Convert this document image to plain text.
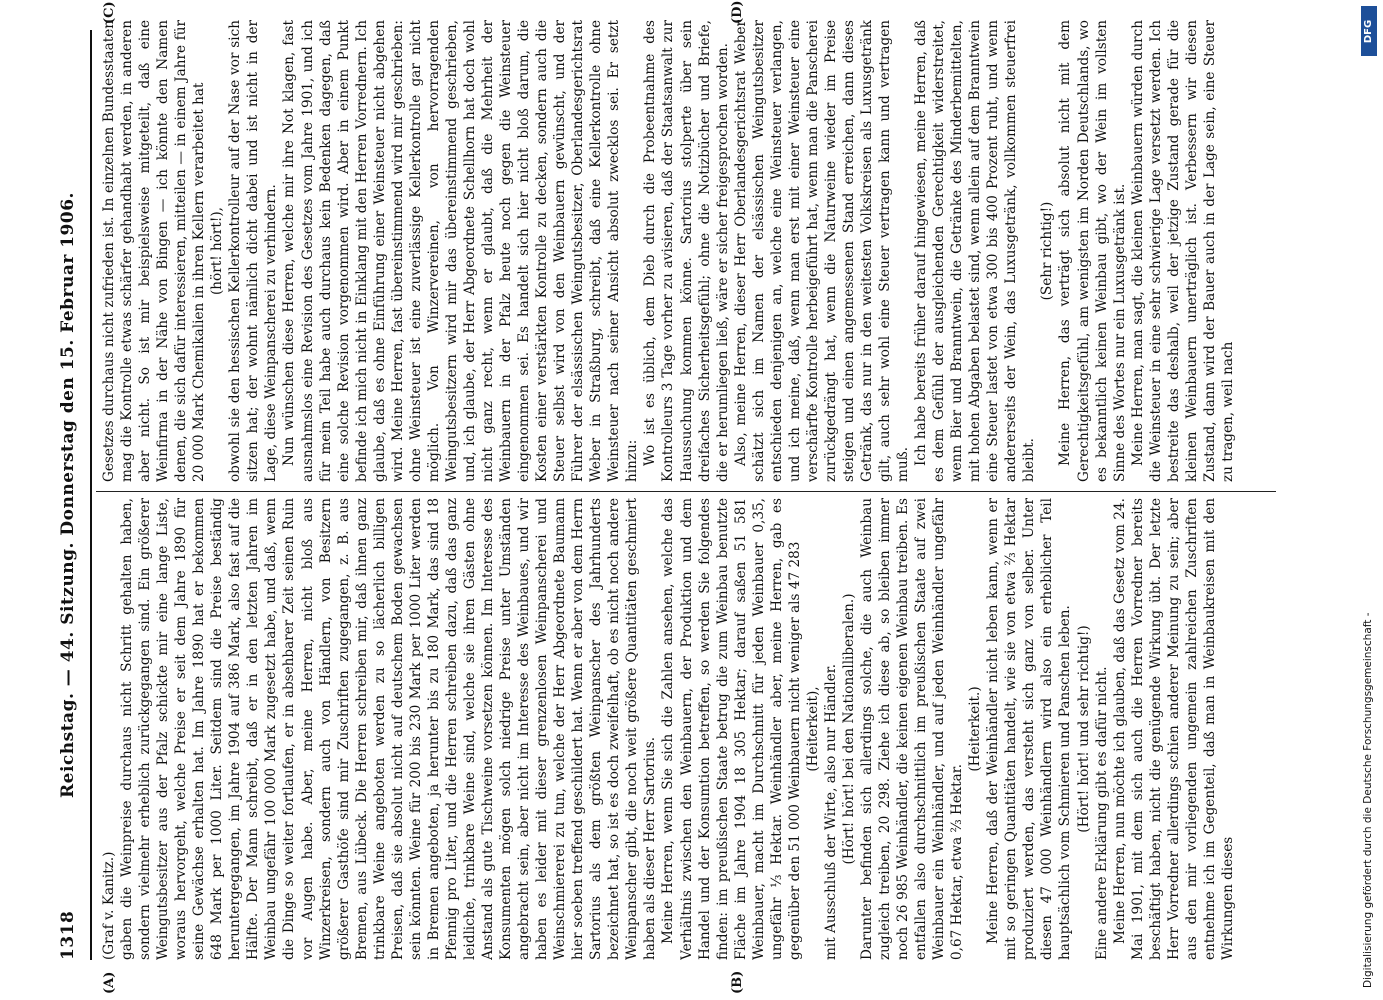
1318
Reichstag. — 44. Sitzung. Donnerstag den 15. Februar 1906.

(Graf v. Kanitz.) gaben die Weinpreise durchaus nicht Schritt gehalten haben, sondern vielmehr erheblich zurückgegangen sind. Ein größerer Weingutsbesitzer aus der Pfalz schickte mir eine lange Liste, woraus hervorgeht, welche Preise er seit dem Jahre 1890 für seine Gewächse erhalten hat. Im Jahre 1890 hat er bekommen 648 Mark per 1000 Liter. Seitdem sind die Preise beständig heruntergegangen, im Jahre 1904 auf 386 Mark, also fast auf die Hälfte. Der Mann schreibt, daß er in den letzten Jahren im Weinbau ungefähr 100 000 Mark zugesetzt habe, und daß, wenn die Dinge so weiter fortlaufen, er in absehbarer Zeit seinen Ruin vor Augen habe. Aber, meine Herren, nicht bloß aus Winzerkreisen, sondern auch von Händlern, von Besitzern größerer Gasthöfe sind mir Zuschriften zugegangen, z. B. aus Bremen, aus Lübeck. Die Herren schreiben mir, daß ihnen ganz trinkbare Weine angeboten werden zu so lächerlich billigen Preisen, daß sie absolut nicht auf deutschem Boden gewachsen sein könnten. Weine für 200 bis 230 Mark per 1000 Liter werden in Bremen angeboten, ja herunter bis zu 180 Mark, das sind 18 Pfennig pro Liter, und die Herren schreiben dazu, daß das ganz leidliche, trinkbare Weine sind, welche sie ihren Gästen ohne Anstand als gute Tischweine vorsetzen können. Im Interesse des Konsumenten mögen solch niedrige Preise unter Umständen angebracht sein, aber nicht im Interesse des Weinbaues, und wir haben es leider mit dieser grenzenlosen Weinpanscherei und Weinschmiererei zu tun, welche der Herr Abgeordnete Baumann hier soeben treffend geschildert hat. Wenn er aber von dem Herrn Sartorius als dem größten Weinpanscher des Jahrhunderts bezeichnet hat, so ist es doch zweifelhaft, ob es nicht noch andere Weinpanscher gibt, die noch weit größere Quantitäten geschmiert haben als dieser Herr Sartorius. Meine Herren, wenn Sie sich die Zahlen ansehen, welche das Verhältnis zwischen den Weinbauern, der Produktion und dem Handel und der Konsumtion betreffen, so werden Sie folgendes finden: im preußischen Staate betrug die zum Weinbau benutzte Fläche im Jahre 1904 18 305 Hektar; darauf saßen 51 581 Weinbauer, macht im Durchschnitt für jeden Weinbauer 0,35, ungefähr ⅓ Hektar. Weinhändler aber, meine Herren, gab es gegenüber den 51 000 Weinbauern nicht weniger als 47 283 (Heiterkeit), mit Ausschluß der Wirte, also nur Händler. (Hört! hört! bei den Nationalliberalen.) Darunter befinden sich allerdings solche, die auch Weinbau zugleich treiben, 20 298. Ziehe ich diese ab, so bleiben immer noch 26 985 Weinhändler, die keinen eigenen Weinbau treiben. Es entfallen also durchschnittlich im preußischen Staate auf zwei Weinbauer ein Weinhändler, und auf jeden Weinhändler ungefähr 0,67 Hektar, etwa ⅔ Hektar.

(Heiterkeit.) Meine Herren, daß der Weinhändler nicht leben kann, wenn er mit so geringen Quantitäten handelt, wie sie von etwa ⅔ Hektar produziert werden, das versteht sich ganz von selber. Unter diesen 47 000 Weinhändlern wird also ein erheblicher Teil hauptsächlich vom Schmieren und Panschen leben. (Hört! hört! und sehr richtig!) Eine andere Erklärung gibt es dafür nicht. Meine Herren, nun möchte ich glauben, daß das Gesetz vom 24. Mai 1901, mit dem sich auch die Herren Vorredner bereits beschäftigt haben, nicht die genügende Wirkung übt. Der letzte Herr Vorredner allerdings schien anderer Meinung zu sein; aber aus den mir vorliegenden ungemein zahlreichen Zuschriften entnehme ich im Gegenteil, daß man in Weinbaukreisen mit den Wirkungen dieses

Gesetzes durchaus nicht zufrieden ist. In einzelnen Bundesstaaten mag die Kontrolle etwas schärfer gehandhabt werden, in anderen aber nicht. So ist mir beispielsweise mitgeteilt, daß eine Weinfirma in der Nähe von Bingen — ich könnte den Namen denen, die sich dafür interessieren, mitteilen — in einem Jahre für 20 000 Mark Chemikalien in ihren Kellern verarbeitet hat (hört! hört!), obwohl sie den hessischen Kellerkontrolleur auf der Nase vor sich sitzen hat; der wohnt nämlich dicht dabei und ist nicht in der Lage, diese Weinpanscherei zu verhindern. Nun wünschen diese Herren, welche mir ihre Not klagen, fast ausnahmslos eine Revision des Gesetzes vom Jahre 1901, und ich für mein Teil habe auch durchaus kein Bedenken dagegen, daß eine solche Revision vorgenommen wird. Aber in einem Punkt befinde ich mich nicht in Einklang mit den Herren Vorrednern. Ich glaube, daß es ohne Einführung einer Weinsteuer nicht abgehen wird. Meine Herren, fast übereinstimmend wird mir geschrieben: ohne Weinsteuer ist eine zuverlässige Kellerkontrolle gar nicht möglich. Von Winzervereinen, von hervorragenden Weingutsbesitzern wird mir das übereinstimmend geschrieben, und, ich glaube, der Herr Abgeordnete Schellhorn hat doch wohl nicht ganz recht, wenn er glaubt, daß die Mehrheit der Weinbauern in der Pfalz heute noch gegen die Weinsteuer eingenommen sei. Es handelt sich hier nicht bloß darum, die Kosten einer verstärkten Kontrolle zu decken, sondern auch die Steuer selbst wird von den Weinbauern gewünscht, und der Führer der elsässischen Weingutsbesitzer, Oberlandesgerichtsrat Weber in Straßburg, schreibt, daß eine Kellerkontrolle ohne Weinsteuer nach seiner Ansicht absolut zwecklos sei. Er setzt hinzu: Wo ist es üblich, dem Dieb durch die Probeentnahme des Kontrolleurs 3 Tage vorher zu avisieren, daß der Staatsanwalt zur Haussuchung kommen könne. Sartorius stolperte über sein dreifaches Sicherheitsgefühl; ohne die Notizbücher und Briefe, die er herumliegen ließ, wäre er sicher freigesprochen worden. Also, meine Herren, dieser Herr Oberlandesgerichtsrat Weber schätzt sich im Namen der elsässischen Weingutsbesitzer entschieden denjenigen an, welche eine Weinsteuer verlangen, und ich meine, daß, wenn man erst mit einer Weinsteuer eine verschärfte Kontrolle herbeigeführt hat, wenn man die Panscherei zurückgedrängt hat, wenn die Naturweine wieder im Preise steigen und einen angemessenen Stand erreichen, dann dieses Getränk, das nur in den weitesten Volkskreisen als Luxusgetränk gilt, auch sehr wohl eine Steuer vertragen kann und vertragen muß. Ich habe bereits früher darauf hingewiesen, meine Herren, daß es dem Gefühl der ausgleichenden Gerechtigkeit widerstreitet, wenn Bier und Branntwein, die Getränke des Minderbemittelten, mit hohen Abgaben belastet sind, wenn allein auf dem Branntwein eine Steuer lastet von etwa 300 bis 400 Prozent ruht, und wenn andererseits der Wein, das Luxusgetränk, vollkommen steuerfrei bleibt.

(Sehr richtig!) Meine Herren, das verträgt sich absolut nicht mit dem Gerechtigkeitsgefühl, am wenigsten im Norden Deutschlands, wo es bekanntlich keinen Weinbau gibt, wo der Wein im vollsten Sinne des Wortes nur ein Luxusgetränk ist. Meine Herren, man sagt, die kleinen Weinbauern würden durch die Weinsteuer in eine sehr schwierige Lage versetzt werden. Ich bestreite das deshalb, weil der jetzige Zustand gerade für die kleinen Weinbauern unerträglich ist. Verbessern wir diesen Zustand, dann wird der Bauer auch in der Lage sein, eine Steuer zu tragen, weil nach

(A)	(B)
(C)	(D)
Digitalisierung gefördert durch die Deutsche Forschungsgemeinschaft -
DFG
